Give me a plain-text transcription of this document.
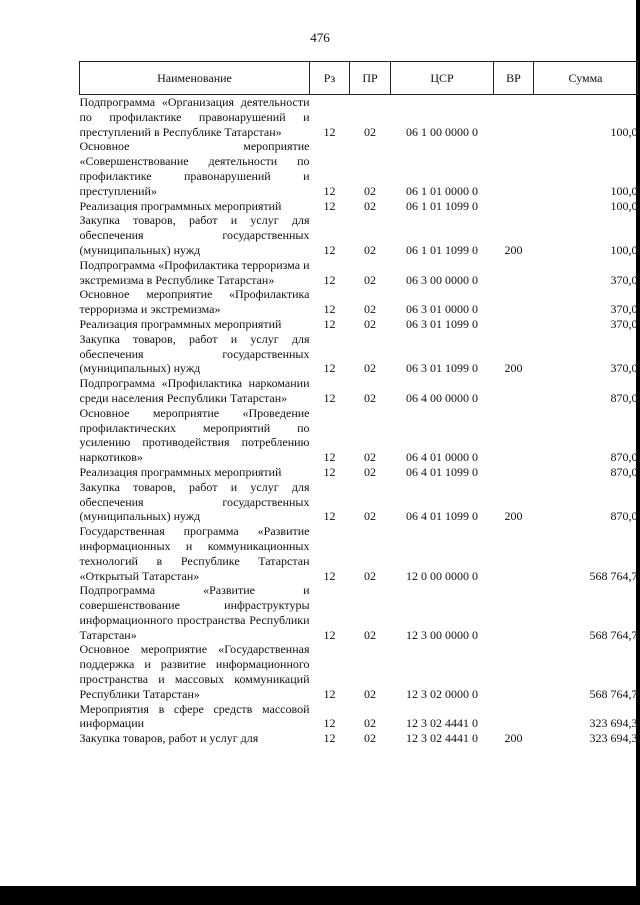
476
Наименование	Рз	ПР	ЦСР	ВР	Сумма
Подпрограмма «Организация деятельности по профилактике правонарушений и преступлений в Республике Татарстан»	12	02	06 1 00 0000 0		100,0
Основное мероприятие «Совершенствование деятельности по профилактике правонарушений и преступлений»	12	02	06 1 01 0000 0		100,0
Реализация программных мероприятий	12	02	06 1 01 1099 0		100,0
Закупка товаров, работ и услуг для обеспечения государственных (муниципальных) нужд	12	02	06 1 01 1099 0	200	100,0
Подпрограмма «Профилактика терроризма и экстремизма в Республике Татарстан»	12	02	06 3 00 0000 0		370,0
Основное мероприятие «Профилактика терроризма и экстремизма»	12	02	06 3 01 0000 0		370,0
Реализация программных мероприятий	12	02	06 3 01 1099 0		370,0
Закупка товаров, работ и услуг для обеспечения государственных (муниципальных) нужд	12	02	06 3 01 1099 0	200	370,0
Подпрограмма «Профилактика наркомании среди населения Республики Татарстан»	12	02	06 4 00 0000 0		870,0
Основное мероприятие «Проведение профилактических мероприятий по усилению противодействия потреблению наркотиков»	12	02	06 4 01 0000 0		870,0
Реализация программных мероприятий	12	02	06 4 01 1099 0		870,0
Закупка товаров, работ и услуг для обеспечения государственных (муниципальных) нужд	12	02	06 4 01 1099 0	200	870,0
Государственная программа «Развитие информационных и коммуникационных технологий в Республике Татарстан «Открытый Татарстан»	12	02	12 0 00 0000 0		568 764,7
Подпрограмма «Развитие и совершенствование инфраструктуры информационного пространства Республики Татарстан»	12	02	12 3 00 0000 0		568 764,7
Основное мероприятие «Государственная поддержка и развитие информационного пространства и массовых коммуникаций Республики Татарстан»	12	02	12 3 02 0000 0		568 764,7
Мероприятия в сфере средств массовой информации	12	02	12 3 02 4441 0		323 694,3
Закупка товаров, работ и услуг для	12	02	12 3 02 4441 0	200	323 694,3
